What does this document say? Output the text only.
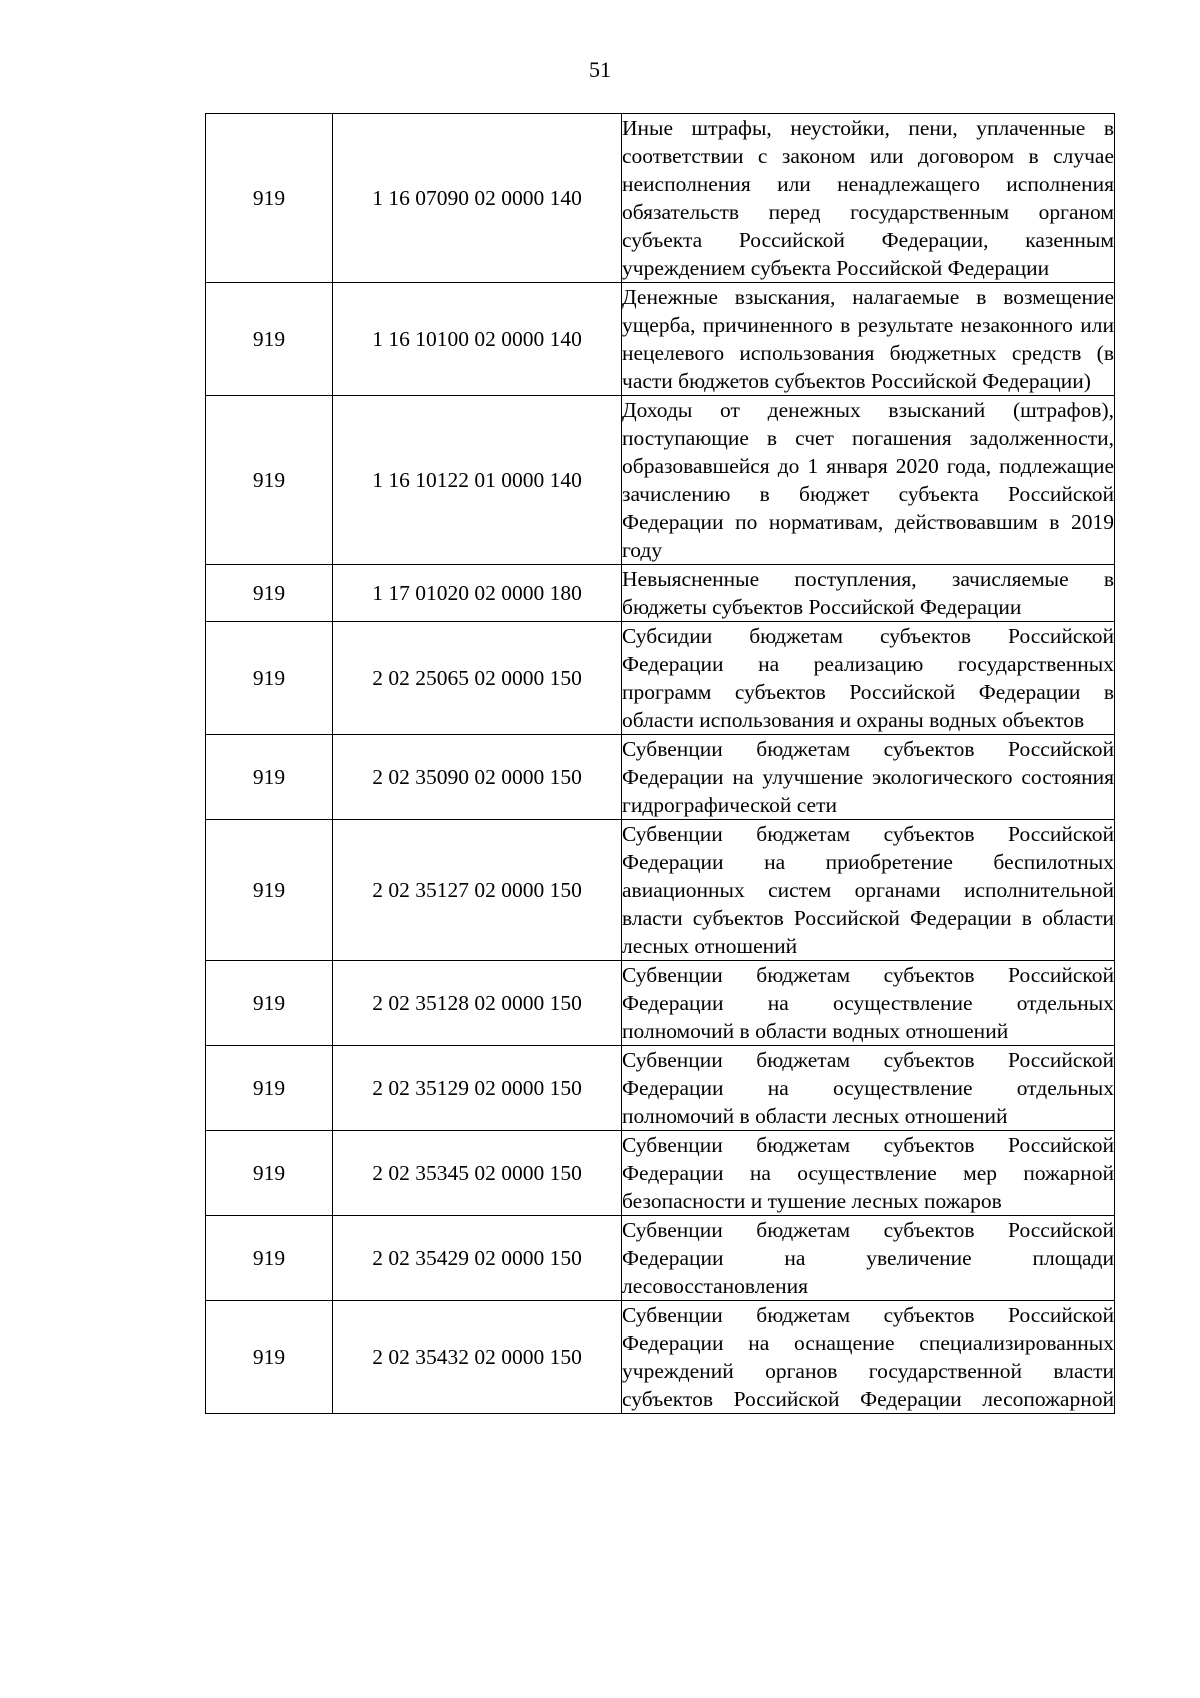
51
919	1 16 07090 02 0000 140	Иные штрафы, неустойки, пени, уплаченные в соответствии с законом или договором в случае неисполнения или ненадлежащего исполнения обязательств перед государственным органом субъекта Российской Федерации, казенным учреждением субъекта Российской Федерации
919	1 16 10100 02 0000 140	Денежные взыскания, налагаемые в возмещение ущерба, причиненного в результате незаконного или нецелевого использования бюджетных средств (в части бюджетов субъектов Российской Федерации)
919	1 16 10122 01 0000 140	Доходы от денежных взысканий (штрафов), поступающие в счет погашения задолженности, образовавшейся до 1 января 2020 года, подлежащие зачислению в бюджет субъекта Российской Федерации по нормативам, действовавшим в 2019 году
919	1 17 01020 02 0000 180	Невыясненные поступления, зачисляемые в бюджеты субъектов Российской Федерации
919	2 02 25065 02 0000 150	Субсидии бюджетам субъектов Российской Федерации на реализацию государственных программ субъектов Российской Федерации в области использования и охраны водных объектов
919	2 02 35090 02 0000 150	Субвенции бюджетам субъектов Российской Федерации на улучшение экологического состояния гидрографической сети
919	2 02 35127 02 0000 150	Субвенции бюджетам субъектов Российской Федерации на приобретение беспилотных авиационных систем органами исполнительной власти субъектов Российской Федерации в области лесных отношений
919	2 02 35128 02 0000 150	Субвенции бюджетам субъектов Российской Федерации на осуществление отдельных полномочий в области водных отношений
919	2 02 35129 02 0000 150	Субвенции бюджетам субъектов Российской Федерации на осуществление отдельных полномочий в области лесных отношений
919	2 02 35345 02 0000 150	Субвенции бюджетам субъектов Российской Федерации на осуществление мер пожарной безопасности и тушение лесных пожаров
919	2 02 35429 02 0000 150	Субвенции бюджетам субъектов Российской Федерации на увеличение площади лесовосстановления
919	2 02 35432 02 0000 150	Субвенции бюджетам субъектов Российской Федерации на оснащение специализированных учреждений органов государственной власти субъектов Российской Федерации лесопожарной
